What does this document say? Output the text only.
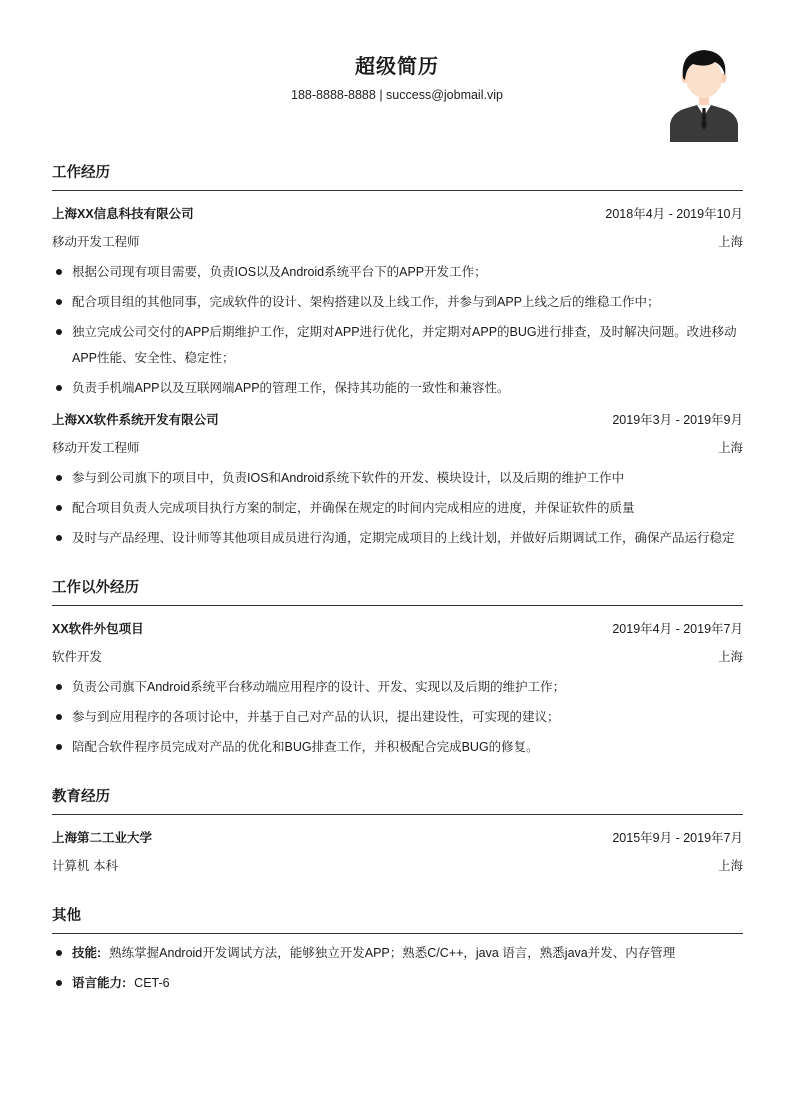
超级简历
188-8888-8888 | success@jobmail.vip
工作经历
上海XX信息科技有限公司	2018年4月 - 2019年10月
移动开发工程师	上海
根据公司现有项目需要，负责IOS以及Android系统平台下的APP开发工作；
配合项目组的其他同事，完成软件的设计、架构搭建以及上线工作，并参与到APP上线之后的维稳工作中；
独立完成公司交付的APP后期维护工作，定期对APP进行优化，并定期对APP的BUG进行排查，及时解决问题。改进移动APP性能、安全性、稳定性；
负责手机端APP以及互联网端APP的管理工作，保持其功能的一致性和兼容性。
上海XX软件系统开发有限公司	2019年3月 - 2019年9月
移动开发工程师	上海
参与到公司旗下的项目中，负责IOS和Android系统下软件的开发、模块设计，以及后期的维护工作中
配合项目负责人完成项目执行方案的制定，并确保在规定的时间内完成相应的进度，并保证软件的质量
及时与产品经理、设计师等其他项目成员进行沟通，定期完成项目的上线计划，并做好后期调试工作，确保产品运行稳定
工作以外经历
XX软件外包项目	2019年4月 - 2019年7月
软件开发	上海
负责公司旗下Android系统平台移动端应用程序的设计、开发、实现以及后期的维护工作；
参与到应用程序的各项讨论中，并基于自己对产品的认识，提出建设性，可实现的建议；
陪配合软件程序员完成对产品的优化和BUG排查工作，并积极配合完成BUG的修复。
教育经历
上海第二工业大学	2015年9月 - 2019年7月
计算机 本科	上海
其他
技能: 熟练掌握Android开发调试方法，能够独立开发APP；熟悉C/C++，java 语言，熟悉java并发、内存管理
语言能力: CET-6
